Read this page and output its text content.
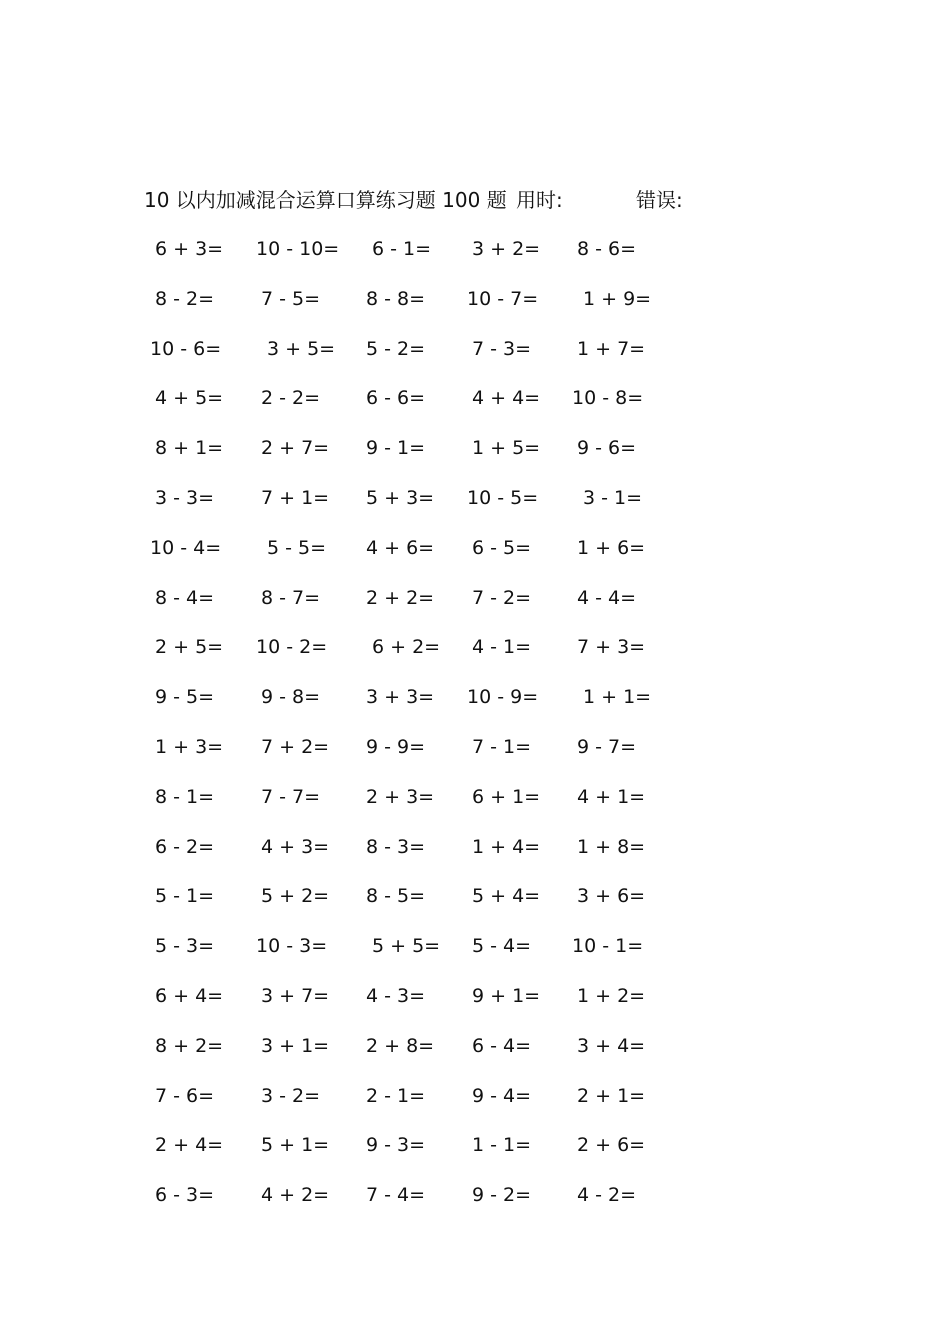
10 以内加减混合运算口算练习题 100 题 用时:	错误:
6 + 3= 10 - 10= 6 - 1= 3 + 2= 8 - 6=
8 - 2= 7 - 5= 8 - 8= 10 - 7= 1 + 9=
10 - 6= 3 + 5= 5 - 2= 7 - 3= 1 + 7=
4 + 5= 2 - 2= 6 - 6= 4 + 4= 10 - 8=
8 + 1= 2 + 7= 9 - 1= 1 + 5= 9 - 6=
3 - 3= 7 + 1= 5 + 3= 10 - 5= 3 - 1=
10 - 4= 5 - 5= 4 + 6= 6 - 5= 1 + 6=
8 - 4= 8 - 7= 2 + 2= 7 - 2= 4 - 4=
2 + 5= 10 - 2= 6 + 2= 4 - 1= 7 + 3=
9 - 5= 9 - 8= 3 + 3= 10 - 9= 1 + 1=
1 + 3= 7 + 2= 9 - 9= 7 - 1= 9 - 7=
8 - 1= 7 - 7= 2 + 3= 6 + 1= 4 + 1=
6 - 2= 4 + 3= 8 - 3= 1 + 4= 1 + 8=
5 - 1= 5 + 2= 8 - 5= 5 + 4= 3 + 6=
5 - 3= 10 - 3= 5 + 5= 5 - 4= 10 - 1=
6 + 4= 3 + 7= 4 - 3= 9 + 1= 1 + 2=
8 + 2= 3 + 1= 2 + 8= 6 - 4= 3 + 4=
7 - 6= 3 - 2= 2 - 1= 9 - 4= 2 + 1=
2 + 4= 5 + 1= 9 - 3= 1 - 1= 2 + 6=
6 - 3= 4 + 2= 7 - 4= 9 - 2= 4 - 2=
